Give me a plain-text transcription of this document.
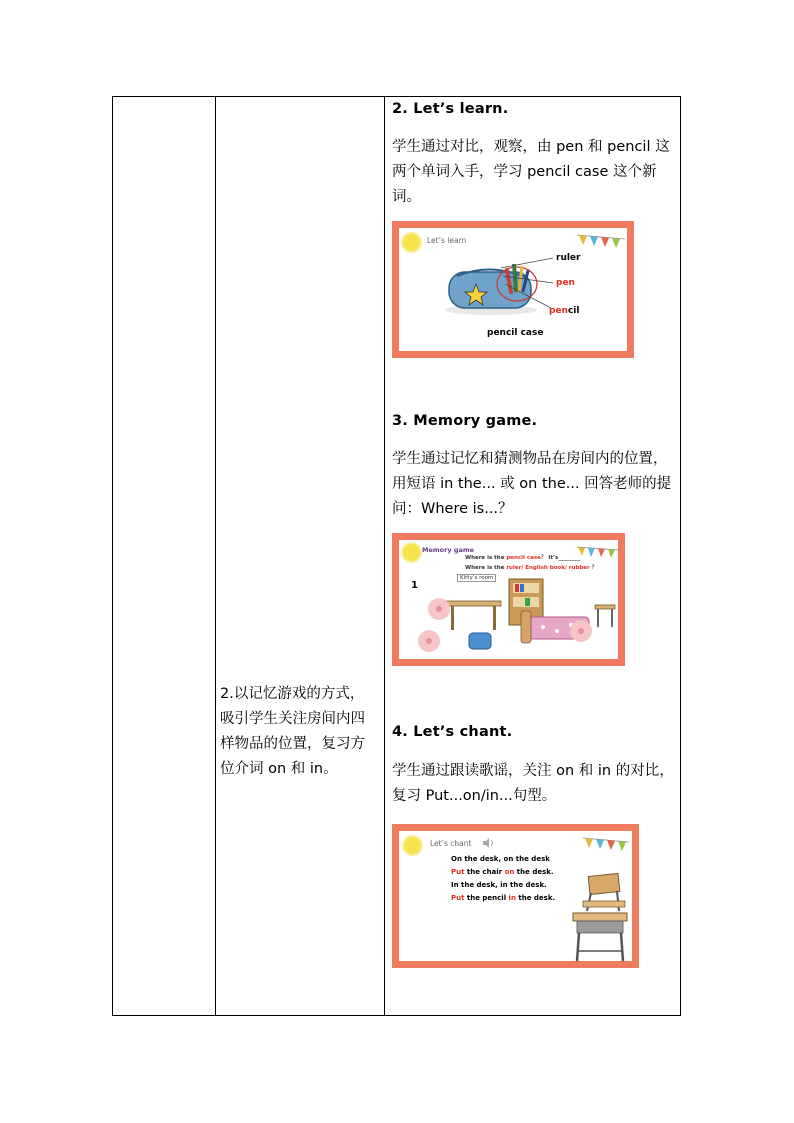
2.以记忆游戏的方式，吸引学生关注房间内四样物品的位置，复习方位介词 on 和 in。
2. Let’s learn.
学生通过对比，观察，由 pen 和 pencil 这两个单词入手，学习 pencil case 这个新词。
Let’s learn
ruler
pen
pencil
pencil case
3. Memory game.
学生通过记忆和猜测物品在房间内的位置，用短语 in the... 或 on the... 回答老师的提问：Where is...？
Memory game
Where is the pencil case？ It’s________
Where is the ruler/ English book/ rubber ？
1
Kitty’s room
4. Let’s chant.
学生通过跟读歌谣，关注 on 和 in 的对比，复习 Put...on/in...句型。
Let’s chant
On the desk, on the desk
Put the chair on the desk.
In the desk, in the desk.
Put the pencil in the desk.
